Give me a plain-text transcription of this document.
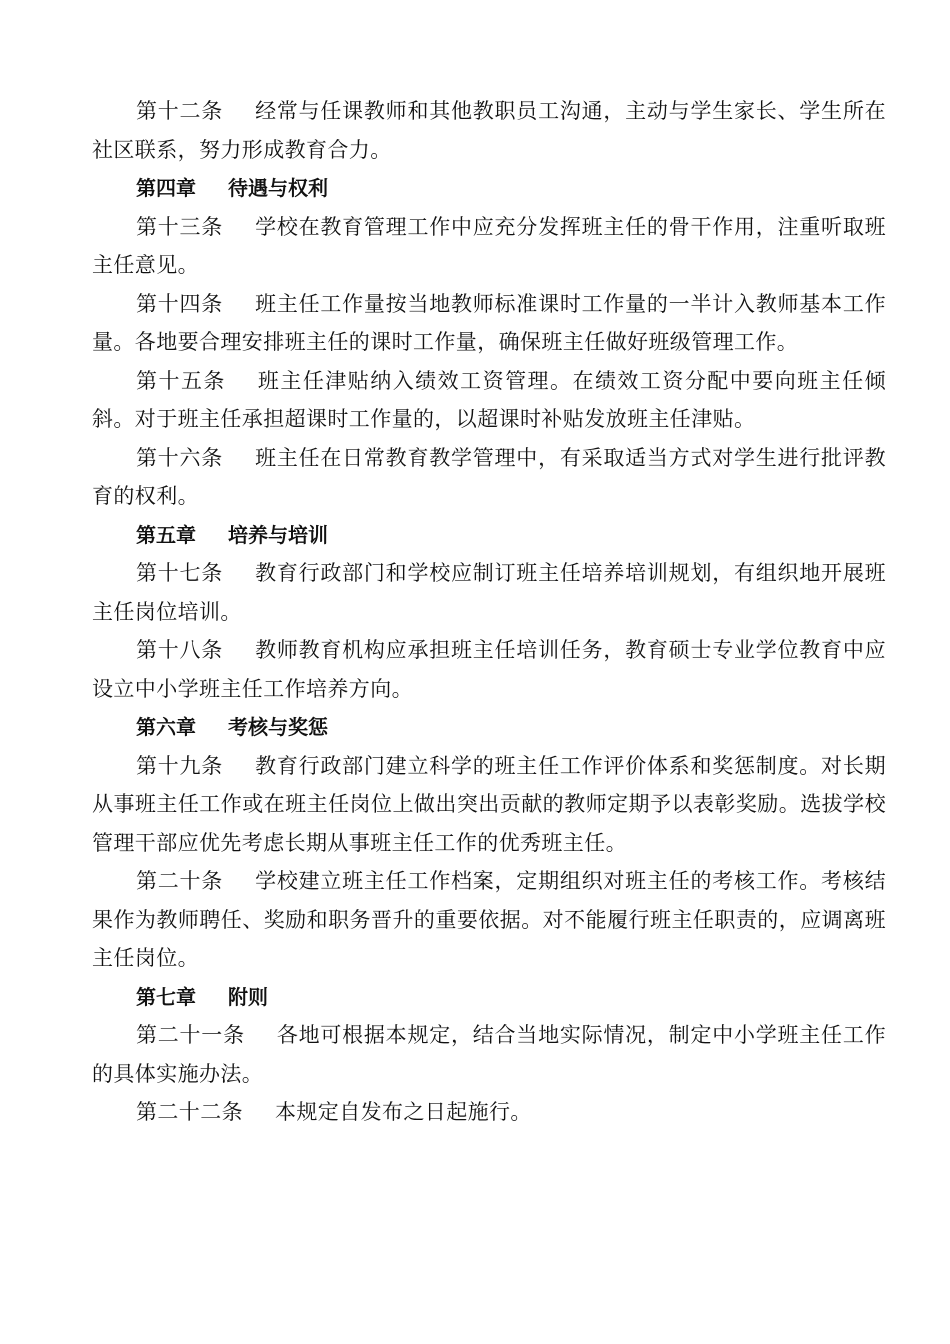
第十二条 经常与任课教师和其他教职员工沟通，主动与学生家长、学生所在社区联系，努力形成教育合力。

第四章 待遇与权利

第十三条 学校在教育管理工作中应充分发挥班主任的骨干作用，注重听取班主任意见。

第十四条 班主任工作量按当地教师标准课时工作量的一半计入教师基本工作量。各地要合理安排班主任的课时工作量，确保班主任做好班级管理工作。

第十五条 班主任津贴纳入绩效工资管理。在绩效工资分配中要向班主任倾斜。对于班主任承担超课时工作量的，以超课时补贴发放班主任津贴。

第十六条 班主任在日常教育教学管理中，有采取适当方式对学生进行批评教育的权利。

第五章 培养与培训

第十七条 教育行政部门和学校应制订班主任培养培训规划，有组织地开展班主任岗位培训。

第十八条 教师教育机构应承担班主任培训任务，教育硕士专业学位教育中应设立中小学班主任工作培养方向。

第六章 考核与奖惩

第十九条 教育行政部门建立科学的班主任工作评价体系和奖惩制度。对长期从事班主任工作或在班主任岗位上做出突出贡献的教师定期予以表彰奖励。选拔学校管理干部应优先考虑长期从事班主任工作的优秀班主任。

第二十条 学校建立班主任工作档案，定期组织对班主任的考核工作。考核结果作为教师聘任、奖励和职务晋升的重要依据。对不能履行班主任职责的，应调离班主任岗位。

第七章 附则

第二十一条 各地可根据本规定，结合当地实际情况，制定中小学班主任工作的具体实施办法。

第二十二条 本规定自发布之日起施行。
